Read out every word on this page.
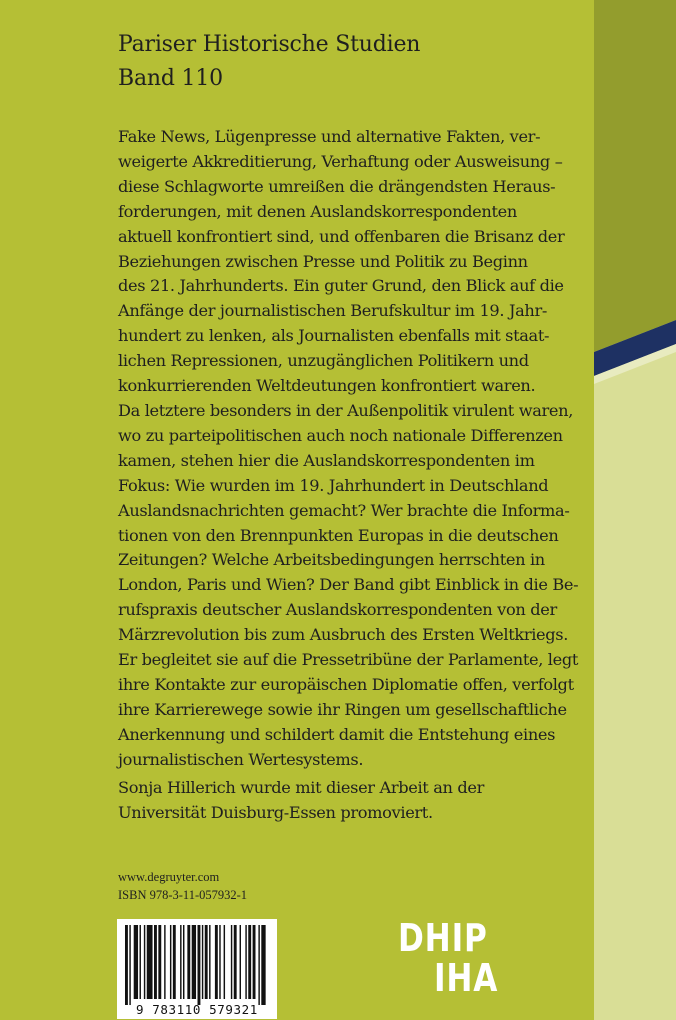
Pariser Historische Studien
Band 110
Fake News, Lügenpresse und alternative Fakten, ver-
weigerte Akkreditierung, Verhaftung oder Ausweisung –
diese Schlagworte umreißen die drängendsten Heraus-
forderungen, mit denen Auslandskorrespondenten
aktuell konfrontiert sind, und offenbaren die Brisanz der
Beziehungen zwischen Presse und Politik zu Beginn
des 21. Jahrhunderts. Ein guter Grund, den Blick auf die
Anfänge der journalistischen Berufskultur im 19. Jahr-
hundert zu lenken, als Journalisten ebenfalls mit staat-
lichen Repressionen, unzugänglichen Politikern und
konkurrierenden Weltdeutungen konfrontiert waren.
Da letztere besonders in der Außenpolitik virulent waren,
wo zu parteipolitischen auch noch nationale Differenzen
kamen, stehen hier die Auslandskorrespondenten im
Fokus: Wie wurden im 19. Jahrhundert in Deutschland
Auslandsnachrichten gemacht? Wer brachte die Informa-
tionen von den Brennpunkten Europas in die deutschen
Zeitungen? Welche Arbeitsbedingungen herrschten in
London, Paris und Wien? Der Band gibt Einblick in die Be-
rufspraxis deutscher Auslandskorrespondenten von der
Märzrevolution bis zum Ausbruch des Ersten Weltkriegs.
Er begleitet sie auf die Pressetribüne der Parlamente, legt
ihre Kontakte zur europäischen Diplomatie offen, verfolgt
ihre Karrierewege sowie ihr Ringen um gesellschaftliche
Anerkennung und schildert damit die Entstehung eines
journalistischen Wertesystems.
Sonja Hillerich wurde mit dieser Arbeit an der
Universität Duisburg-Essen promoviert.
www.degruyter.com
ISBN 978-3-11-057932-1
9 783110 579321
DHIP
IHA
